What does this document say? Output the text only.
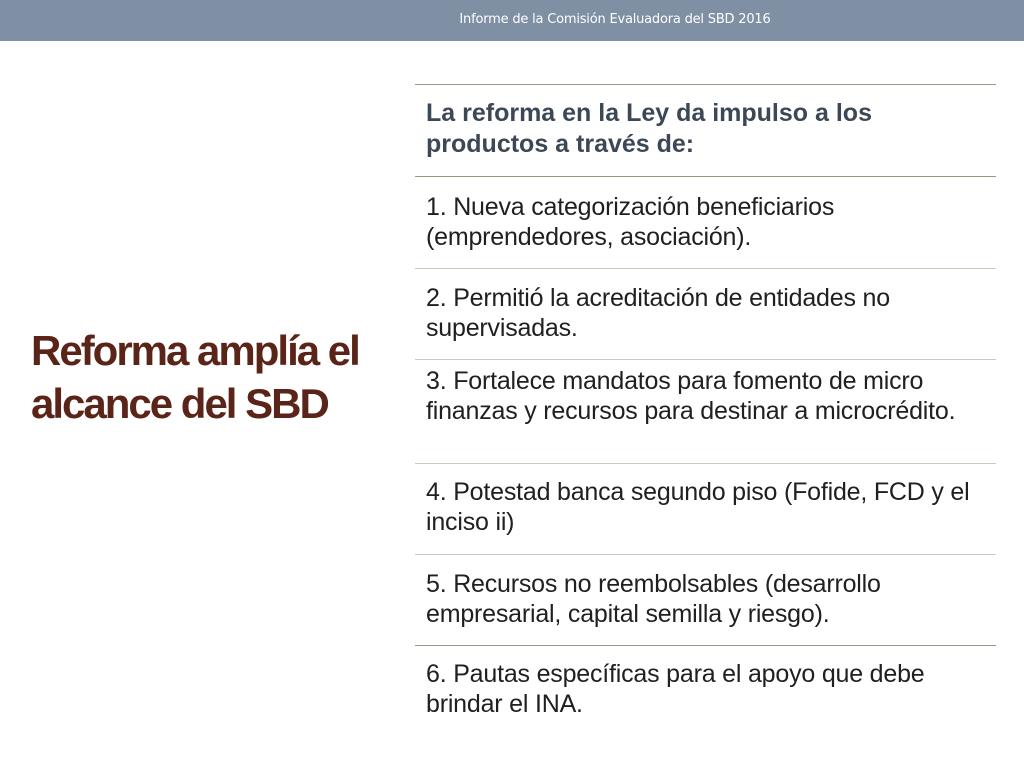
Informe de la Comisión Evaluadora del SBD 2016
Reforma amplía el alcance del SBD
La reforma en la Ley da impulso a los productos a través de:
1. Nueva categorización beneficiarios (emprendedores, asociación).
2. Permitió la acreditación de entidades no supervisadas.
3. Fortalece mandatos para fomento de micro finanzas y recursos para destinar a microcrédito.
4. Potestad banca segundo piso (Fofide, FCD y el inciso ii)
5. Recursos no reembolsables (desarrollo empresarial, capital semilla y riesgo).
6. Pautas específicas para el apoyo que debe brindar el INA.
